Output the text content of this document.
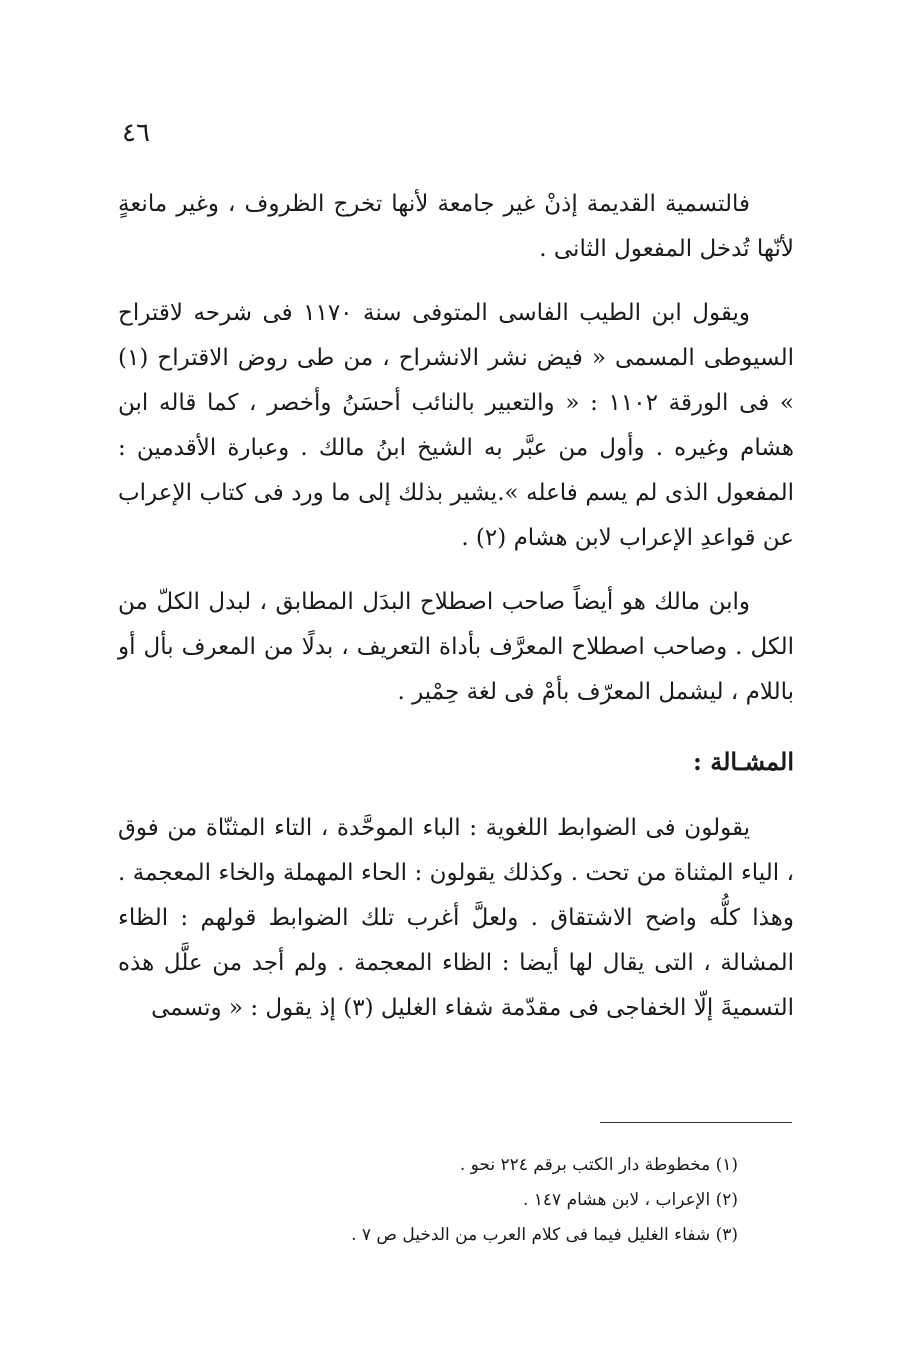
٤٦

فالتسمية القديمة إذنْ غير جامعة لأنها تخرج الظروف ، وغير مانعةٍ لأنّها تُدخل المفعول الثانى .

ويقول ابن الطيب الفاسى المتوفى سنة ١١٧٠ فى شرحه لاقتراح السيوطى المسمى « فيض نشر الانشراح ، من طى روض الاقتراح (١) » فى الورقة ١١٠٢ : « والتعبير بالنائب أحسَنُ وأخصر ، كما قاله ابن هشام وغيره . وأول من عبَّر به الشيخ ابنُ مالك . وعبارة الأقدمين : المفعول الذى لم يسم فاعله ».يشير بذلك إلى ما ورد فى كتاب الإعراب عن قواعدِ الإعراب لابن هشام (٢) .

وابن مالك هو أيضاً صاحب اصطلاح البدَل المطابق ، لبدل الكلّ من الكل . وصاحب اصطلاح المعرَّف بأداة التعريف ، بدلًا من المعرف بأل أو باللام ، ليشمل المعرّف بأمْ فى لغة حِمْير .

المشـالة :

يقولون فى الضوابط اللغوية : الباء الموحَّدة ، التاء المثنّاة من فوق ، الياء المثناة من تحت . وكذلك يقولون : الحاء المهملة والخاء المعجمة . وهذا كلُّه واضح الاشتقاق . ولعلَّ أغرب تلك الضوابط قولهم : الظاء المشالة ، التى يقال لها أيضا : الظاء المعجمة . ولم أجد من علَّل هذه التسميةَ إلّا الخفاجى فى مقدّمة شفاء الغليل (٣) إذ يقول : « وتسمى

(١) مخطوطة دار الكتب برقم ٢٢٤ نحو .

(٢) الإعراب ، لابن هشام ١٤٧ .

(٣) شفاء الغليل فيما فى كلام العرب من الدخيل ص ٧ .
